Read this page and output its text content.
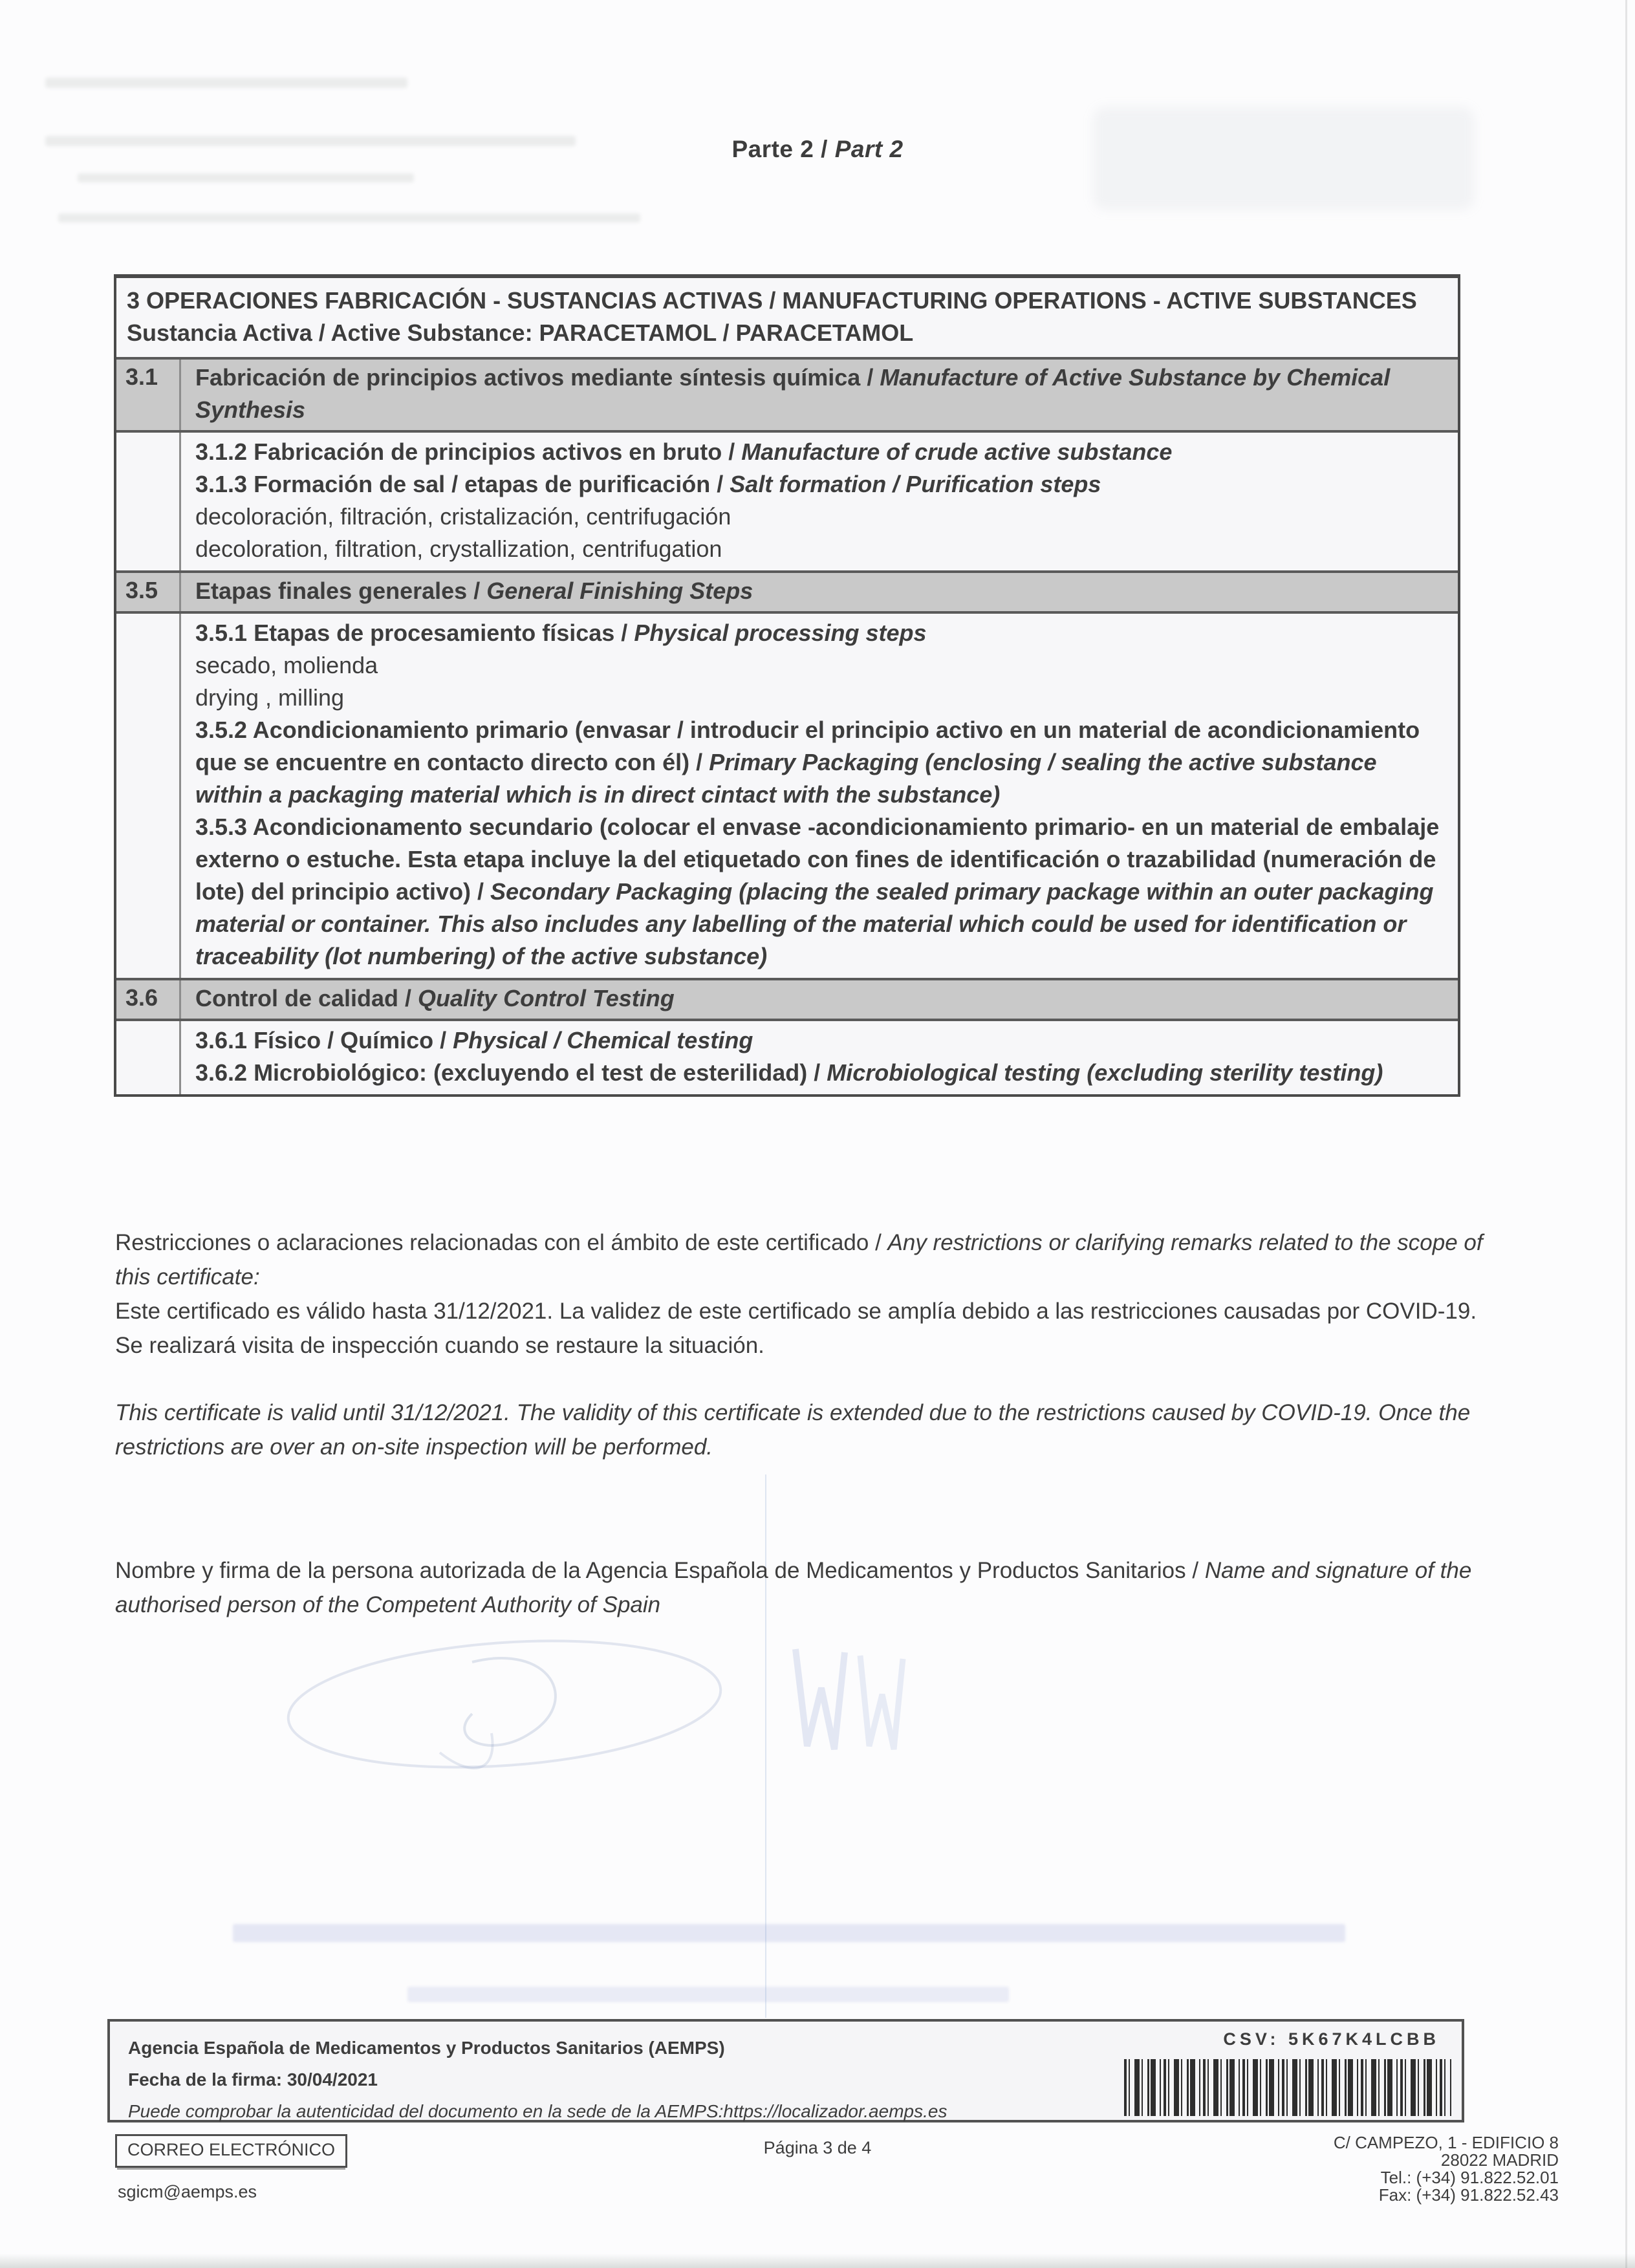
Parte 2 / Part 2
3 OPERACIONES FABRICACIÓN - SUSTANCIAS ACTIVAS / MANUFACTURING OPERATIONS - ACTIVE SUBSTANCES
Sustancia Activa / Active Substance: PARACETAMOL / PARACETAMOL
3.1	Fabricación de principios activos mediante síntesis química / Manufacture of Active Substance by Chemical Synthesis
3.1.2 Fabricación de principios activos en bruto / Manufacture of crude active substance
3.1.3 Formación de sal / etapas de purificación / Salt formation / Purification steps
decoloración, filtración, cristalización, centrifugación
decoloration, filtration, crystallization, centrifugation
3.5	Etapas finales generales / General Finishing Steps
3.5.1 Etapas de procesamiento físicas / Physical processing steps
secado, molienda
drying , milling
3.5.2 Acondicionamiento primario (envasar / introducir el principio activo en un material de acondicionamiento que se encuentre en contacto directo con él) / Primary Packaging (enclosing / sealing the active substance within a packaging material which is in direct cintact with the substance)
3.5.3 Acondicionamento secundario (colocar el envase -acondicionamiento primario- en un material de embalaje externo o estuche. Esta etapa incluye la del etiquetado con fines de identificación o trazabilidad (numeración de lote) del principio activo) / Secondary Packaging (placing the sealed primary package within an outer packaging material or container. This also includes any labelling of the material which could be used for identification or traceability (lot numbering) of the active substance)
3.6	Control de calidad / Quality Control Testing
3.6.1 Físico / Químico / Physical / Chemical testing
3.6.2 Microbiológico: (excluyendo el test de esterilidad) / Microbiological testing (excluding sterility testing)

Restricciones o aclaraciones relacionadas con el ámbito de este certificado / Any restrictions or clarifying remarks related to the scope of this certificate:

Este certificado es válido hasta 31/12/2021. La validez de este certificado se amplía debido a las restricciones causadas por COVID-19. Se realizará visita de inspección cuando se restaure la situación.

This certificate is valid until 31/12/2021. The validity of this certificate is extended due to the restrictions caused by COVID-19. Once the restrictions are over an on-site inspection will be performed.

Nombre y firma de la persona autorizada de la Agencia Española de Medicamentos y Productos Sanitarios / Name and signature of the authorised person of the Competent Authority of Spain

Agencia Española de Medicamentos y Productos Sanitarios (AEMPS)
Fecha de la firma: 30/04/2021
Puede comprobar la autenticidad del documento en la sede de la AEMPS:https://localizador.aemps.es
CSV: 5K67K4LCBB
CORREO ELECTRÓNICO
sgicm@aemps.es
Página 3 de 4	C/ CAMPEZO, 1 - EDIFICIO 8
28022 MADRID
Tel.: (+34) 91.822.52.01
Fax: (+34) 91.822.52.43
